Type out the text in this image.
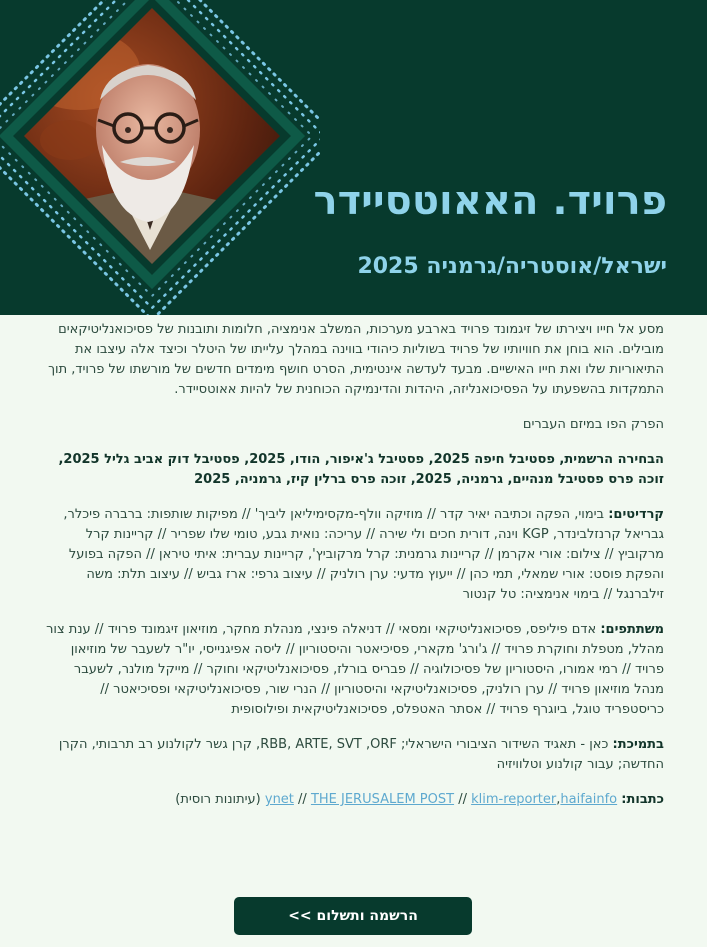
פרויד. האאוטסיידר
ישראל/אוסטריה/גרמניה 2025

מסע אל חייו ויצירתו של זיגמונד פרויד בארבע מערכות, המשלב אנימציה, חלומות ותובנות של פסיכואנליטיקאים מובילים. הוא בוחן את חוויותיו של פרויד בשוליות כיהודי בווינה במהלך עלייתו של היטלר וכיצד אלה עיצבו את התיאוריות שלו ואת חייו האישיים. מבעד לעדשה אינטימית, הסרט חושף מימדים חדשים של מורשתו של פרויד, תוך התמקדות בהשפעתו על הפסיכואנליזה, היהדות והדינמיקה הכוחנית של להיות אאוטסיידר.

הפרק הפו במיזם העברים

הבחירה הרשמית, פסטיבל חיפה 2025, פסטיבל ג'איפור, הודו, 2025, פסטיבל דוק אביב גליל 2025, זוכה פרס פסטיבל מנהיים, גרמניה, 2025, זוכה פרס ברלין קיז, גרמניה, 2025

קרדיטים: בימוי, הפקה וכתיבה יאיר קדר // מוזיקה וולף-מקסימיליאן ליביך' // מפיקות שותפות: ברברה פיכלר, גבריאל קרנזלבינדר, KGP וינה, דורית חכים ולי שירה // עריכה: נואית גבע, טומי שלו שפריר // קריינות קרל מרקוביץ // צילום: אורי אקרמן // קריינות גרמנית: קרל מרקוביץ', קריינות עברית: איתי טיראן // הפקה בפועל והפקת פוסט: אורי שמאלי, תמי כהן // ייעוץ מדעי: ערן רולניק // עיצוב גרפי: ארז גביש // עיצוב תלת: משה זילברנגל // בימוי אנימציה: טל קנטור

משתתפים: אדם פיליפס, פסיכואנליטיקאי ומסאי // דניאלה פינצי, מנהלת מחקר, מוזיאון זיגמונד פרויד // ענת צור מהלל, מטפלת וחוקרת פרויד // ג'ורג' מקארי, פסיכיאטר והיסטוריון // ליסה אפיגנייסי, יו"ר לשעבר של מוזיאון פרויד // רמי אמורו, היסטוריון של פסיכולוגיה // פבריס בורלז, פסיכואנליטיקאי וחוקר // מייקל מולנר, לשעבר מנהל מוזיאון פרויד // ערן רולניק, פסיכואנליטיקאי והיסטוריון // הנרי שור, פסיכואנליטיקאי ופסיכיאטר // כריסטפריד טוגל, ביוגרף פרויד // אסתר האטפלס, פסיכואנליטיקאית ופילוסופית

בתמיכת: כאן - תאגיד השידור הציבורי הישראלי; RBB, ARTE, SVT ,ORF, קרן גשר לקולנוע רב תרבותי, הקרן החדשה; עבור קולנוע וטלוויזיה

כתבות: ynet // THE JERUSALEM POST // klim-reporter,haifainfo (עיתונות רוסית)

הרשמה ותשלום >>
